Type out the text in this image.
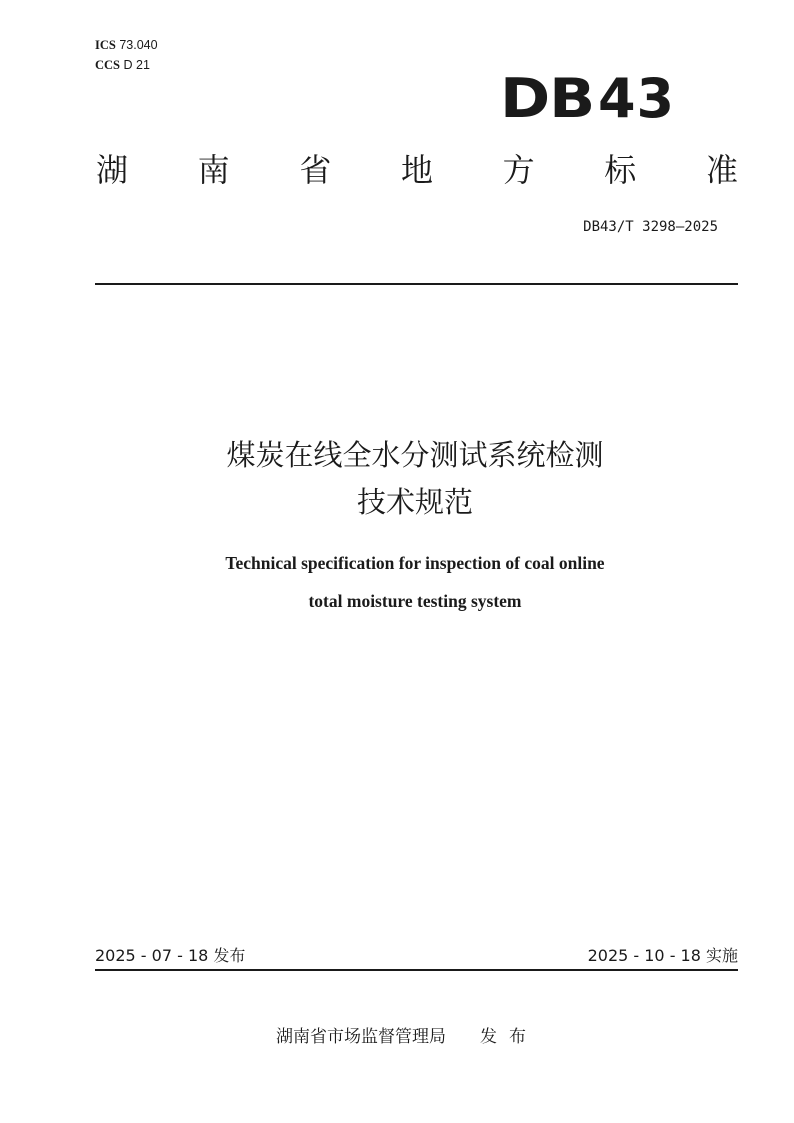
ICS 73.040
CCS D 21
DB43
湖 南 省 地 方 标 准
DB43/T 3298—2025
煤炭在线全水分测试系统检测
技术规范
Technical specification for inspection of coal online
total moisture testing system
2025 - 07 - 18 发布	2025 - 10 - 18 实施
湖南省市场监督管理局 发布
